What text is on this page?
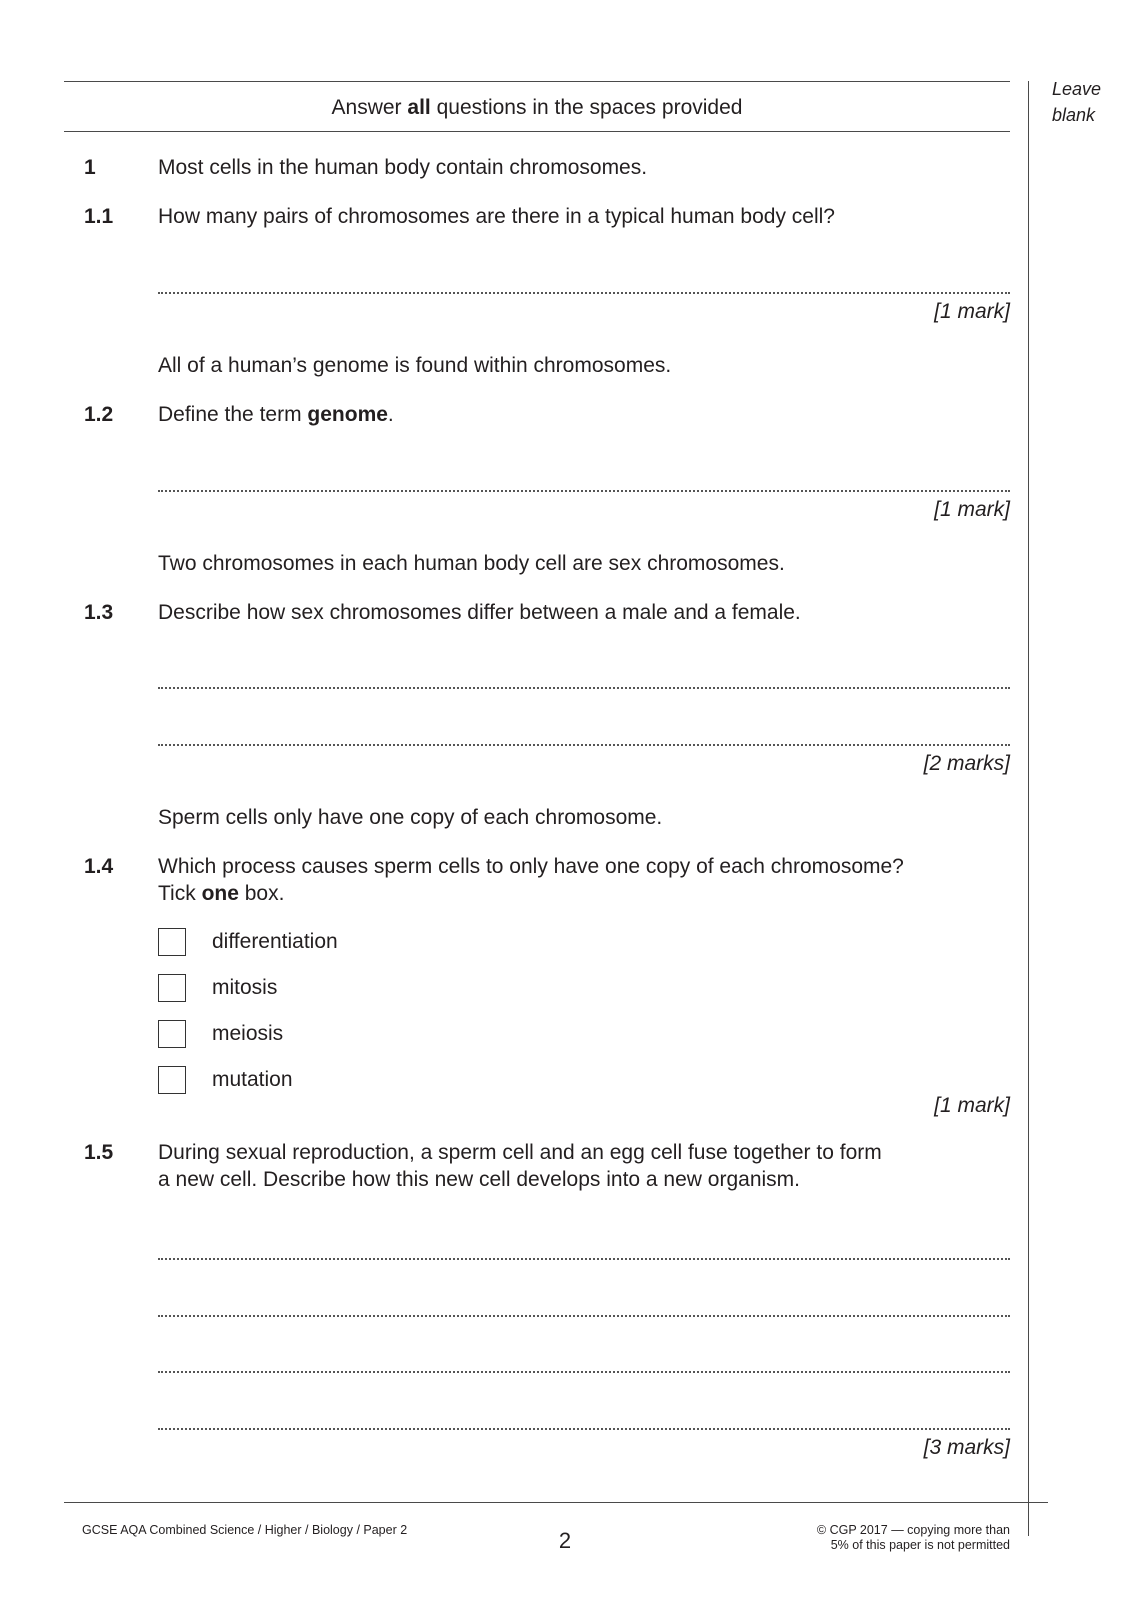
Answer all questions in the spaces provided
Leave
blank
1	Most cells in the human body contain chromosomes.
1.1 How many pairs of chromosomes are there in a typical human body cell?
[1 mark]
All of a human’s genome is found within chromosomes.
1.2 Define the term genome.
[1 mark]
Two chromosomes in each human body cell are sex chromosomes.
1.3 Describe how sex chromosomes differ between a male and a female.
[2 marks]
Sperm cells only have one copy of each chromosome.
1.4 Which process causes sperm cells to only have one copy of each chromosome?
Tick one box.
differentiation
mitosis
meiosis
mutation
[1 mark]
1.5 During sexual reproduction, a sperm cell and an egg cell fuse together to form
a new cell. Describe how this new cell develops into a new organism.
[3 marks]
GCSE AQA Combined Science / Higher / Biology / Paper 2	2	© CGP 2017 — copying more than
5% of this paper is not permitted
